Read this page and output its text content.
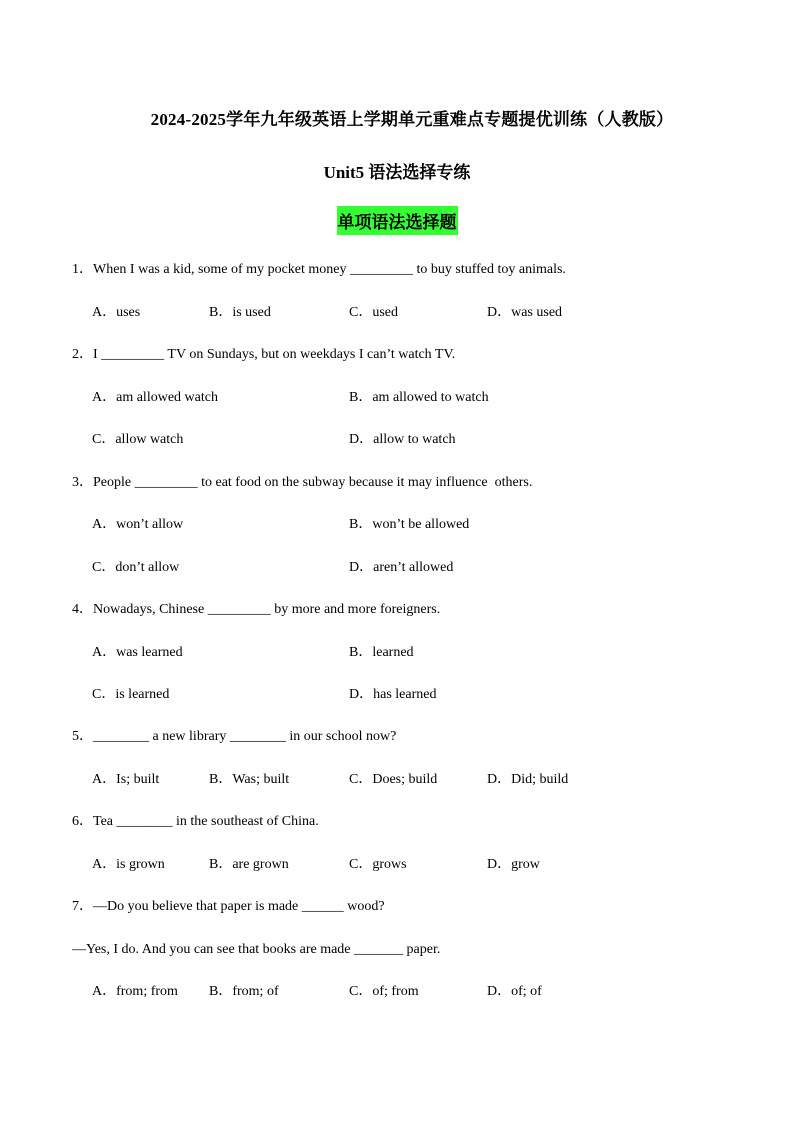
2024-2025学年九年级英语上学期单元重难点专题提优训练（人教版）
Unit5 语法选择专练
单项语法选择题
1．When I was a kid, some of my pocket money _________ to buy stuffed toy animals.
A．uses	B．is used	C．used	D．was used
2．I _________ TV on Sundays, but on weekdays I can’t watch TV.
A．am allowed watch	B．am allowed to watch
C．allow watch	D．allow to watch
3．People _________ to eat food on the subway because it may influence  others.
A．won’t allow	B．won’t be allowed
C．don’t allow	D．aren’t allowed
4．Nowadays, Chinese _________ by more and more foreigners.
A．was learned	B．learned
C．is learned	D．has learned
5．________ a new library ________ in our school now?
A．Is; built	B．Was; built	C．Does; build	D．Did; build
6．Tea ________ in the southeast of China.
A．is grown	B．are grown	C．grows	D．grow
7．—Do you believe that paper is made ______ wood?
—Yes, I do. And you can see that books are made _______ paper.
A．from; from B．from; of	C．of; from	D．of; of
